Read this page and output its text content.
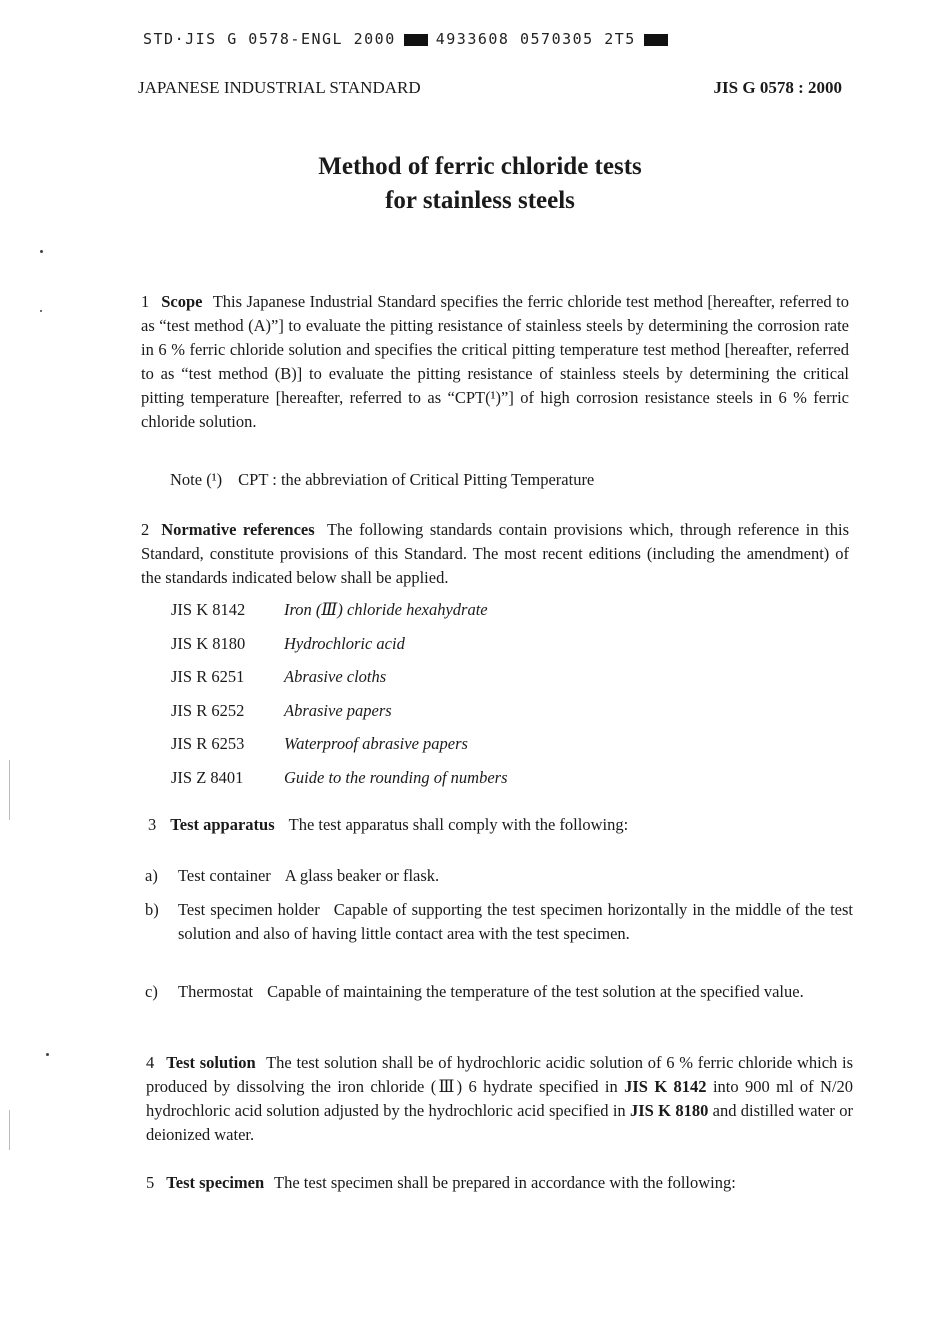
STD·JIS G 0578-ENGL 2000	4933608 0570305 2T5
JAPANESE INDUSTRIAL STANDARD	JIS G 0578 : 2000
Method of ferric chloride tests
for stainless steels
1 Scope This Japanese Industrial Standard specifies the ferric chloride test method [hereafter, referred to as “test method (A)”] to evaluate the pitting resistance of stainless steels by determining the corrosion rate in 6 % ferric chloride solution and specifies the critical pitting temperature test method [hereafter, referred to as “test method (B)] to evaluate the pitting resistance of stainless steels by determining the critical pitting temperature [hereafter, referred to as “CPT(¹)”] of high corrosion resistance steels in 6 % ferric chloride solution.
Note (¹) CPT : the abbreviation of Critical Pitting Temperature
2 Normative references The following standards contain provisions which, through reference in this Standard, constitute provisions of this Standard. The most recent editions (including the amendment) of the standards indicated below shall be applied.
JIS K 8142 Iron (Ⅲ) chloride hexahydrate
JIS K 8180 Hydrochloric acid
JIS R 6251 Abrasive cloths
JIS R 6252 Abrasive papers
JIS R 6253 Waterproof abrasive papers
JIS Z 8401 Guide to the rounding of numbers
3 Test apparatus The test apparatus shall comply with the following:
a)	Test container A glass beaker or flask.
b)	Test specimen holder Capable of supporting the test specimen horizontally in the middle of the test solution and also of having little contact area with the test specimen.
c)	Thermostat Capable of maintaining the temperature of the test solution at the specified value.
4 Test solution The test solution shall be of hydrochloric acidic solution of 6 % ferric chloride which is produced by dissolving the iron chloride (Ⅲ) 6 hydrate specified in JIS K 8142 into 900 ml of N/20 hydrochloric acid solution adjusted by the hydrochloric acid specified in JIS K 8180 and distilled water or deionized water.
5 Test specimen The test specimen shall be prepared in accordance with the following:
